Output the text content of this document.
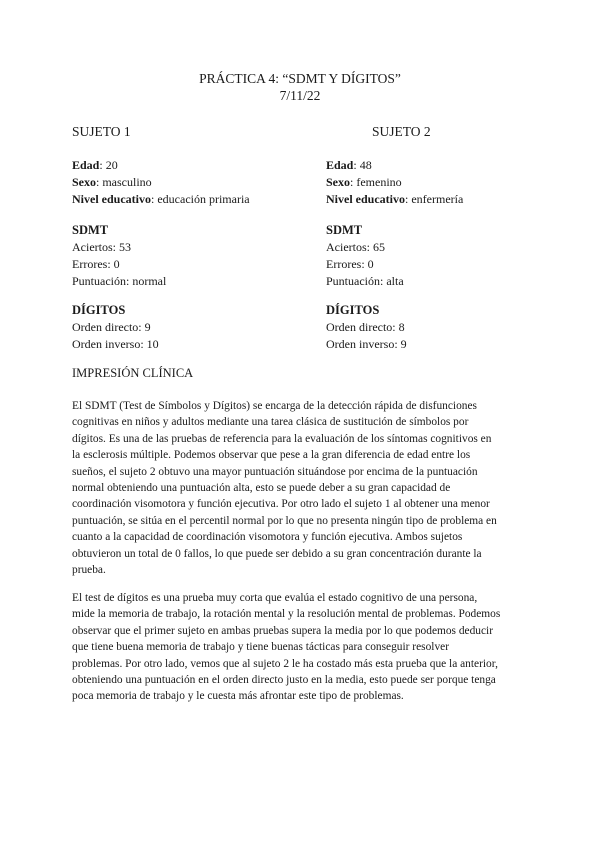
PRÁCTICA 4: “SDMT Y DÍGITOS”
7/11/22
SUJETO 1	SUJETO 2
Edad: 20
Sexo: masculino
Nivel educativo: educación primaria
SDMT
Aciertos: 53
Errores: 0
Puntuación: normal
DÍGITOS
Orden directo: 9
Orden inverso: 10
Edad: 48
Sexo: femenino
Nivel educativo: enfermería
SDMT
Aciertos: 65
Errores: 0
Puntuación: alta
DÍGITOS
Orden directo: 8
Orden inverso: 9
IMPRESIÓN CLÍNICA
El SDMT (Test de Símbolos y Dígitos) se encarga de la detección rápida de disfunciones
cognitivas en niños y adultos mediante una tarea clásica de sustitución de símbolos por
dígitos. Es una de las pruebas de referencia para la evaluación de los síntomas cognitivos en
la esclerosis múltiple. Podemos observar que pese a la gran diferencia de edad entre los
sueños, el sujeto 2 obtuvo una mayor puntuación situándose por encima de la puntuación
normal obteniendo una puntuación alta, esto se puede deber a su gran capacidad de
coordinación visomotora y función ejecutiva. Por otro lado el sujeto 1 al obtener una menor
puntuación, se sitúa en el percentil normal por lo que no presenta ningún tipo de problema en
cuanto a la capacidad de coordinación visomotora y función ejecutiva. Ambos sujetos
obtuvieron un total de 0 fallos, lo que puede ser debido a su gran concentración durante la
prueba.
El test de dígitos es una prueba muy corta que evalúa el estado cognitivo de una persona,
mide la memoria de trabajo, la rotación mental y la resolución mental de problemas. Podemos
observar que el primer sujeto en ambas pruebas supera la media por lo que podemos deducir
que tiene buena memoria de trabajo y tiene buenas tácticas para conseguir resolver
problemas. Por otro lado, vemos que al sujeto 2 le ha costado más esta prueba que la anterior,
obteniendo una puntuación en el orden directo justo en la media, esto puede ser porque tenga
poca memoria de trabajo y le cuesta más afrontar este tipo de problemas.
